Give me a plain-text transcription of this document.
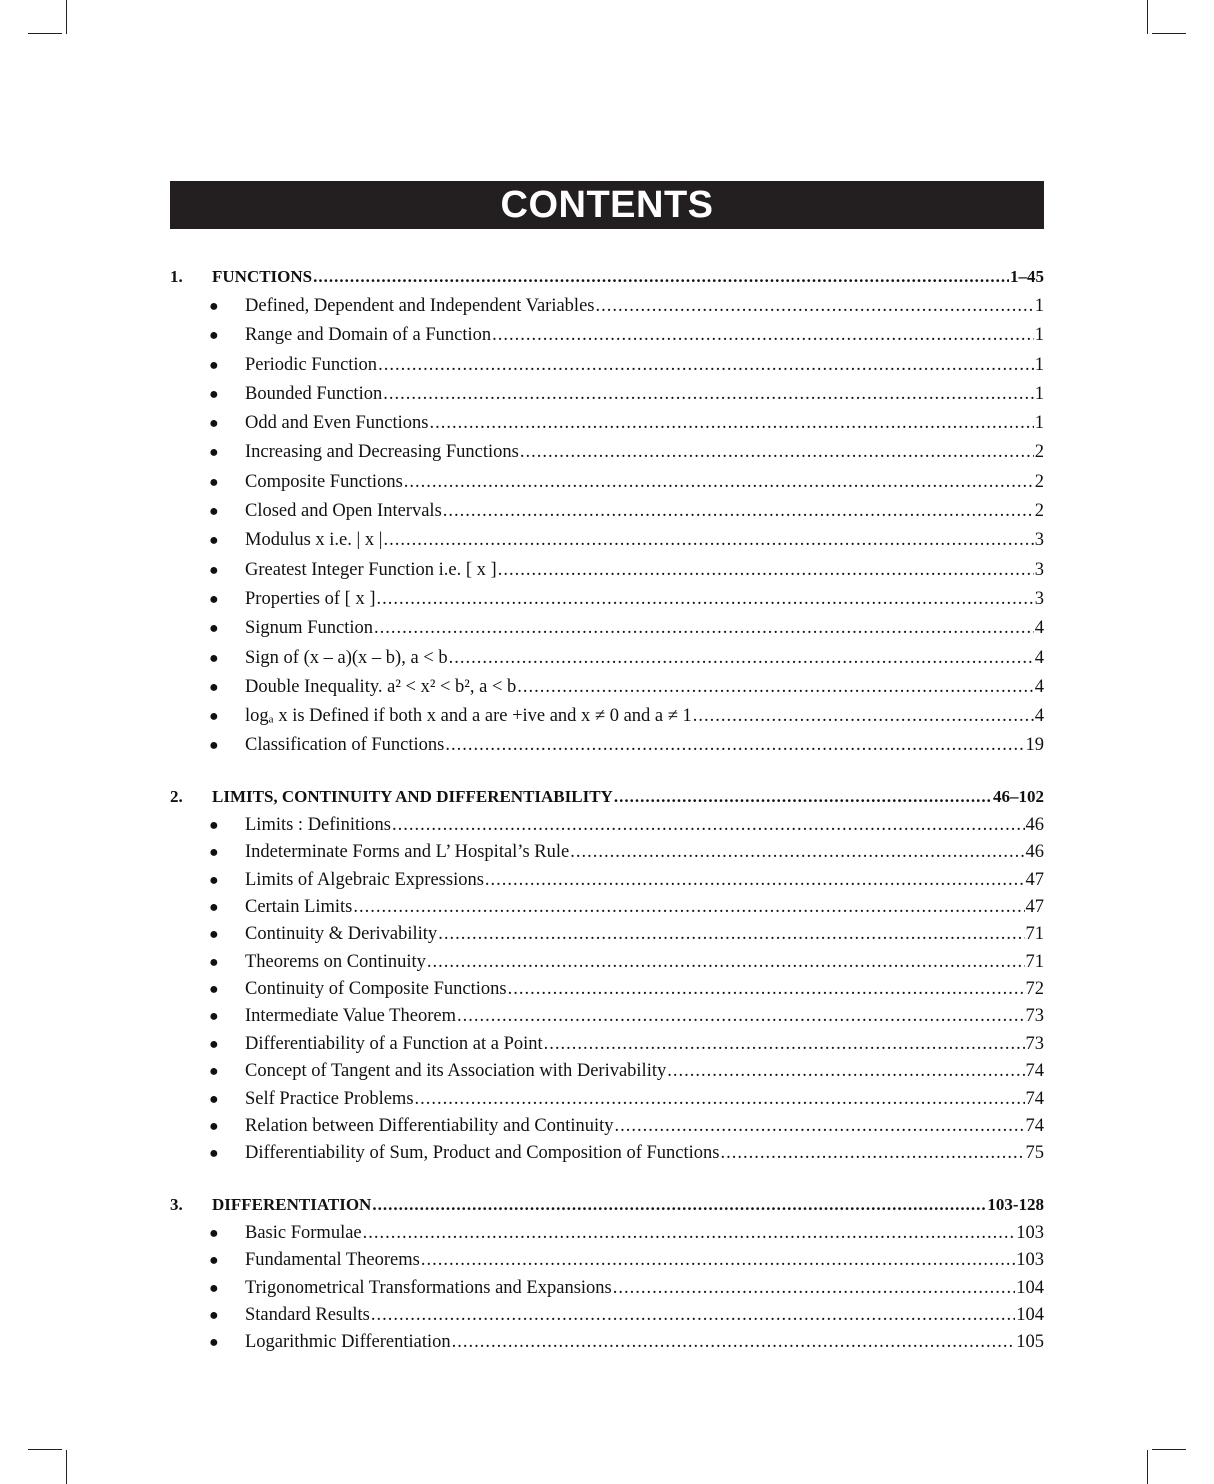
CONTENTS
1.	FUNCTIONS .....	1–45
●	Defined, Dependent and Independent Variables .....	1
●	Range and Domain of a Function .....	1
●	Periodic Function .....	1
●	Bounded Function .....	1
●	Odd and Even Functions .....	1
●	Increasing and Decreasing Functions .....	2
●	Composite Functions .....	2
●	Closed and Open Intervals .....	2
●	Modulus x i.e. | x | .....	3
●	Greatest Integer Function i.e. [ x ] .....	3
●	Properties of [ x ] .....	3
●	Signum Function .....	4
●	Sign of (x – a)(x – b), a < b .....	4
●	Double Inequality. a² < x² < b², a < b .....	4
●	logₐ x is Defined if both x and a are +ive and x ≠ 0 and a ≠ 1 .....	4
●	Classification of Functions .....	19
2.	LIMITS, CONTINUITY AND DIFFERENTIABILITY .....	46–102
●	Limits : Definitions .....	46
●	Indeterminate Forms and L’ Hospital’s Rule .....	46
●	Limits of Algebraic Expressions .....	47
●	Certain Limits .....	47
●	Continuity & Derivability .....	71
●	Theorems on Continuity .....	71
●	Continuity of Composite Functions .....	72
●	Intermediate Value Theorem .....	73
●	Differentiability of a Function at a Point .....	73
●	Concept of Tangent and its Association with Derivability .....	74
●	Self Practice Problems .....	74
●	Relation between Differentiability and Continuity .....	74
●	Differentiability of Sum, Product and Composition of Functions .....	75
3.	DIFFERENTIATION .....	103-128
●	Basic Formulae .....	103
●	Fundamental Theorems .....	103
●	Trigonometrical Transformations and Expansions .....	104
●	Standard Results .....	104
●	Logarithmic Differentiation .....	105
